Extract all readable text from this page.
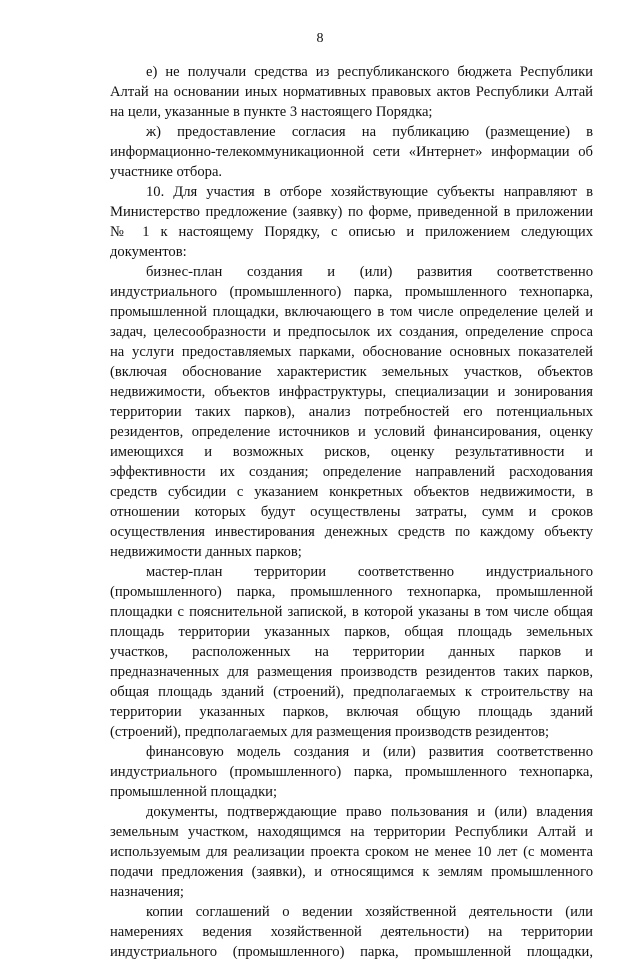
8
е) не получали средства из республиканского бюджета Республики
Алтай на основании иных нормативных правовых актов Республики Алтай
на цели, указанные в пункте 3 настоящего Порядка;
ж) предоставление согласия на публикацию (размещение) в
информационно-телекоммуникационной сети «Интернет» информации об
участнике отбора.
10. Для участия в отборе хозяйствующие субъекты направляют в
Министерство предложение (заявку) по форме, приведенной в приложении
№ 1 к настоящему Порядку, с описью и приложением следующих
документов:
бизнес-план создания и (или) развития соответственно
индустриального (промышленного) парка, промышленного технопарка,
промышленной площадки, включающего в том числе определение целей и
задач, целесообразности и предпосылок их создания, определение спроса
на услуги предоставляемых парками, обоснование основных показателей
(включая обоснование характеристик земельных участков, объектов
недвижимости, объектов инфраструктуры, специализации и зонирования
территории таких парков), анализ потребностей его потенциальных
резидентов, определение источников и условий финансирования, оценку
имеющихся и возможных рисков, оценку результативности и
эффективности их создания; определение направлений расходования
средств субсидии с указанием конкретных объектов недвижимости, в
отношении которых будут осуществлены затраты, сумм и сроков
осуществления инвестирования денежных средств по каждому объекту
недвижимости данных парков;
мастер-план территории соответственно индустриального
(промышленного) парка, промышленного технопарка, промышленной
площадки с пояснительной запиской, в которой указаны в том числе общая
площадь территории указанных парков, общая площадь земельных
участков, расположенных на территории данных парков и
предназначенных для размещения производств резидентов таких парков,
общая площадь зданий (строений), предполагаемых к строительству на
территории указанных парков, включая общую площадь зданий
(строений), предполагаемых для размещения производств резидентов;
финансовую модель создания и (или) развития соответственно
индустриального (промышленного) парка, промышленного технопарка,
промышленной площадки;
документы, подтверждающие право пользования и (или) владения
земельным участком, находящимся на территории Республики Алтай и
используемым для реализации проекта сроком не менее 10 лет (с момента
подачи предложения (заявки), и относящимся к землям промышленного
назначения;
копии соглашений о ведении хозяйственной деятельности (или
намерениях ведения хозяйственной деятельности) на территории
индустриального (промышленного) парка, промышленной площадки,
